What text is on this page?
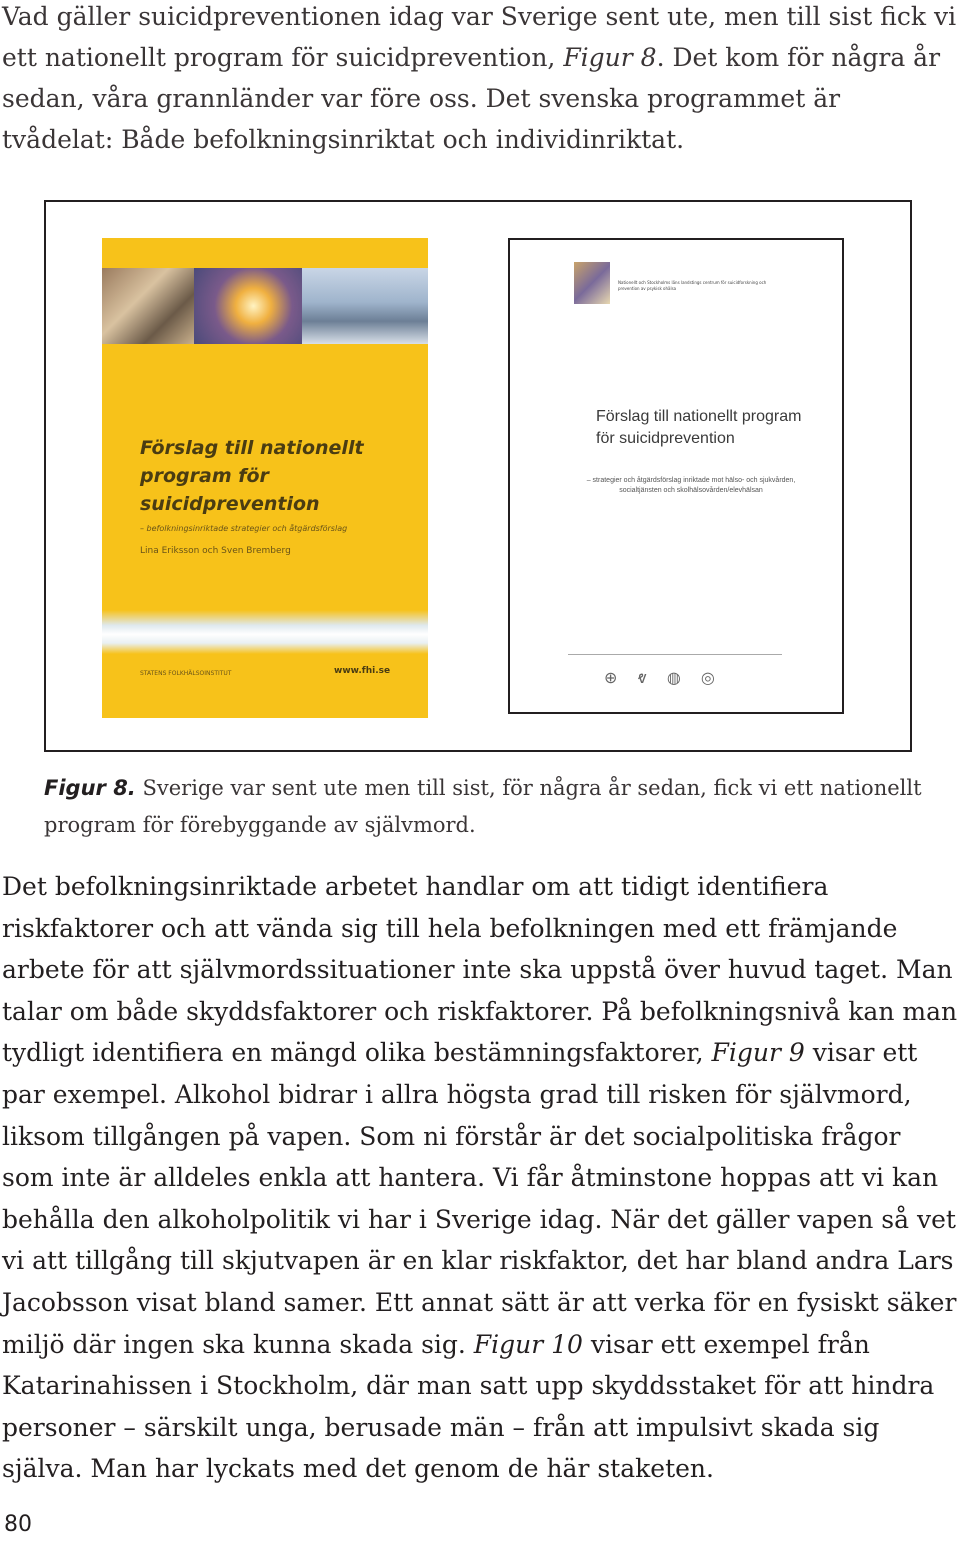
Vad gäller suicidpreventionen idag var Sverige sent ute, men till sist fick vi ett nationellt program för suicidprevention, Figur 8. Det kom för några år sedan, våra grannländer var före oss. Det svenska programmet är tvådelat: Både befolkningsinriktat och individinriktat.

Förslag till nationellt program för suicidprevention

– befolkningsinriktade strategier och åtgärdsförslag

Lina Eriksson och Sven Bremberg

STATENS FOLKHÄLSOINSTITUT	www.fhi.se

Nationellt och Stockholms läns landstings centrum för suicidforskning och prevention av psykisk ohälsa

Förslag till nationellt program för suicidprevention

– strategier och åtgärdsförslag inriktade mot hälso- och sjukvården, socialtjänsten och skolhälsovården/elevhälsan

⊕ ⱴ ◍ ◎

Figur 8. Sverige var sent ute men till sist, för några år sedan, fick vi ett nationellt program för förebyggande av självmord.

Det befolkningsinriktade arbetet handlar om att tidigt identifiera riskfaktorer och att vända sig till hela befolkningen med ett främjande arbete för att självmordssituationer inte ska uppstå över huvud taget. Man talar om både skyddsfaktorer och riskfaktorer. På befolkningsnivå kan man tydligt identifiera en mängd olika bestämningsfaktorer, Figur 9 visar ett par exempel. Alkohol bidrar i allra högsta grad till risken för självmord, liksom tillgången på vapen. Som ni förstår är det socialpolitiska frågor som inte är alldeles enkla att hantera. Vi får åtminstone hoppas att vi kan behålla den alkoholpolitik vi har i Sverige idag. När det gäller vapen så vet vi att tillgång till skjutvapen är en klar riskfaktor, det har bland andra Lars Jacobsson visat bland samer. Ett annat sätt är att verka för en fysiskt säker miljö där ingen ska kunna skada sig. Figur 10 visar ett exempel från Katarinahissen i Stockholm, där man satt upp skyddsstaket för att hindra personer – särskilt unga, berusade män – från att impulsivt skada sig själva. Man har lyckats med det genom de här staketen.

80
